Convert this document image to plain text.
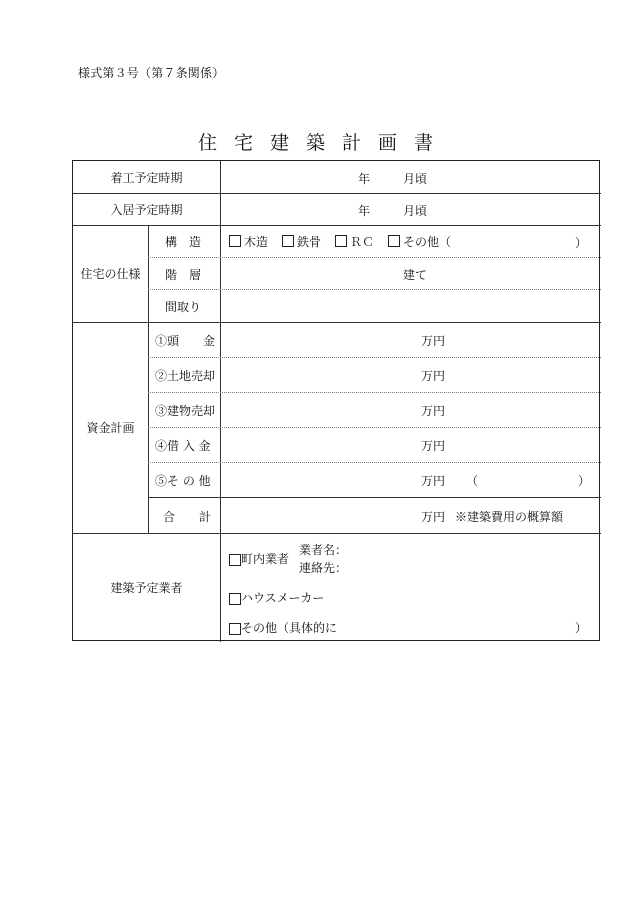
様式第３号（第７条関係）
住宅建築計画書
着工予定時期	年	月頃
入居予定時期	年	月頃
住宅の仕様
構　造	木造 鉄骨 ＲＣ その他（	）
階　層	建て
間取り
資金計画
①頭　　金	万円
②土地売却	万円
③建物売却	万円
④借 入 金	万円
⑤そ の 他	万円 （	）
合　　計	万円 ※建築費用の概算額
建築予定業者
町内業者
業者名：
連絡先：
ハウスメーカー
その他（具体的に	）
